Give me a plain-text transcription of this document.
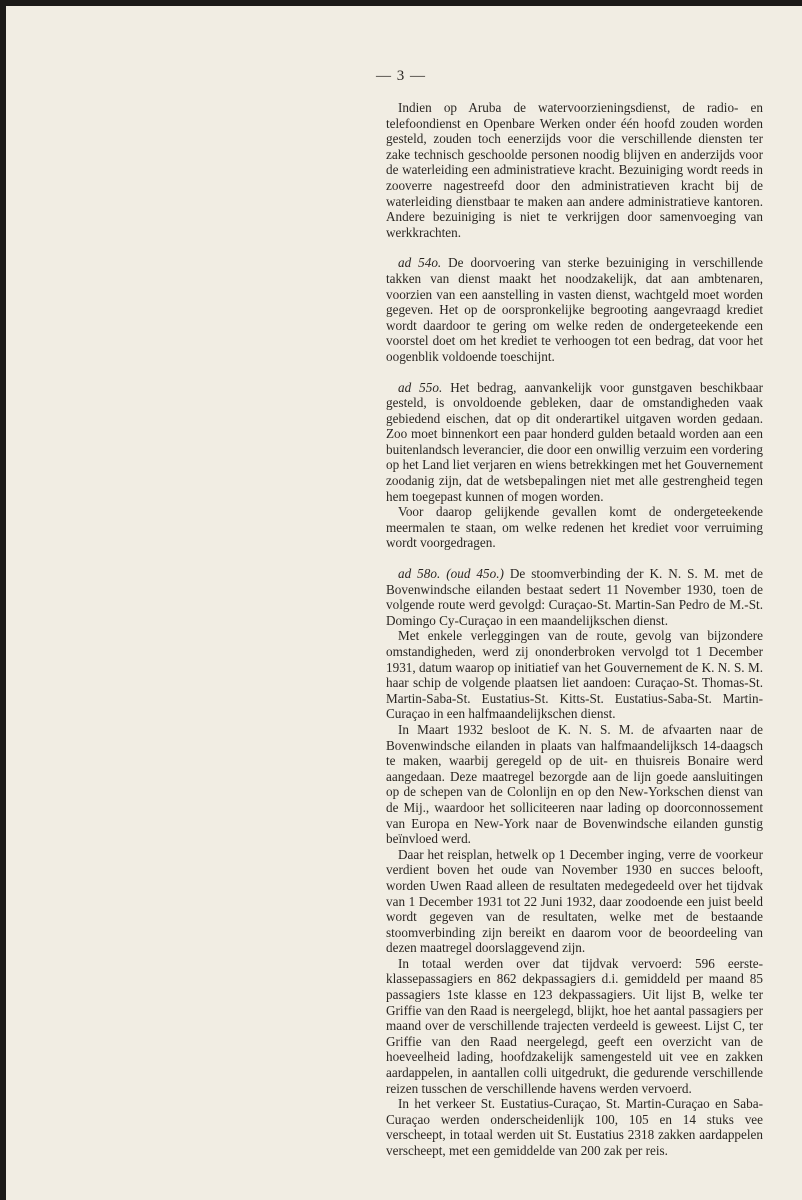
— 3 —

Indien op Aruba de watervoorzieningsdienst, de radio- en telefoondienst en Openbare Werken onder één hoofd zouden worden gesteld, zouden toch eenerzijds voor die verschillende diensten ter zake technisch geschoolde personen noodig blijven en anderzijds voor de waterleiding een administratieve kracht. Bezuiniging wordt reeds in zooverre nagestreefd door den administratieven kracht bij de waterleiding dienstbaar te maken aan andere administratieve kantoren. Andere bezuiniging is niet te verkrijgen door samenvoeging van werkkrachten.

ad 54o. De doorvoering van sterke bezuiniging in verschillende takken van dienst maakt het noodzakelijk, dat aan ambtenaren, voorzien van een aanstelling in vasten dienst, wachtgeld moet worden gegeven. Het op de oorspronkelijke begrooting aangevraagd krediet wordt daardoor te gering om welke reden de ondergeteekende een voorstel doet om het krediet te verhoogen tot een bedrag, dat voor het oogenblik voldoende toeschijnt.

ad 55o. Het bedrag, aanvankelijk voor gunstgaven beschikbaar gesteld, is onvoldoende gebleken, daar de omstandigheden vaak gebiedend eischen, dat op dit onderartikel uitgaven worden gedaan. Zoo moet binnenkort een paar honderd gulden betaald worden aan een buitenlandsch leverancier, die door een onwillig verzuim een vordering op het Land liet verjaren en wiens betrekkingen met het Gouvernement zoodanig zijn, dat de wetsbepalingen niet met alle gestrengheid tegen hem toegepast kunnen of mogen worden.

Voor daarop gelijkende gevallen komt de ondergeteekende meermalen te staan, om welke redenen het krediet voor verruiming wordt voorgedragen.

ad 58o. (oud 45o.) De stoomverbinding der K. N. S. M. met de Bovenwindsche eilanden bestaat sedert 11 November 1930, toen de volgende route werd gevolgd: Curaçao-St. Martin-San Pedro de M.-St. Domingo Cy-Curaçao in een maandelijkschen dienst.

Met enkele verleggingen van de route, gevolg van bijzondere omstandigheden, werd zij ononderbroken vervolgd tot 1 December 1931, datum waarop op initiatief van het Gouvernement de K. N. S. M. haar schip de volgende plaatsen liet aandoen: Curaçao-St. Thomas-St. Martin-Saba-St. Eustatius-St. Kitts-St. Eustatius-Saba-St. Martin-Curaçao in een halfmaandelijkschen dienst.

In Maart 1932 besloot de K. N. S. M. de afvaarten naar de Bovenwindsche eilanden in plaats van halfmaandelijksch 14-daagsch te maken, waarbij geregeld op de uit- en thuisreis Bonaire werd aangedaan. Deze maatregel bezorgde aan de lijn goede aansluitingen op de schepen van de Colonlijn en op den New-Yorkschen dienst van de Mij., waardoor het solliciteeren naar lading op doorconnossement van Europa en New-York naar de Bovenwindsche eilanden gunstig beïnvloed werd.

Daar het reisplan, hetwelk op 1 December inging, verre de voorkeur verdient boven het oude van November 1930 en succes belooft, worden Uwen Raad alleen de resultaten medegedeeld over het tijdvak van 1 December 1931 tot 22 Juni 1932, daar zoodoende een juist beeld wordt gegeven van de resultaten, welke met de bestaande stoomverbinding zijn bereikt en daarom voor de beoordeeling van dezen maatregel doorslaggevend zijn.

In totaal werden over dat tijdvak vervoerd: 596 eerste-klassepassagiers en 862 dekpassagiers d.i. gemiddeld per maand 85 passagiers 1ste klasse en 123 dekpassagiers. Uit lijst B, welke ter Griffie van den Raad is neergelegd, blijkt, hoe het aantal passagiers per maand over de verschillende trajecten verdeeld is geweest. Lijst C, ter Griffie van den Raad neergelegd, geeft een overzicht van de hoeveelheid lading, hoofdzakelijk samengesteld uit vee en zakken aardappelen, in aantallen colli uitgedrukt, die gedurende verschillende reizen tusschen de verschillende havens werden vervoerd.

In het verkeer St. Eustatius-Curaçao, St. Martin-Curaçao en Saba-Curaçao werden onderscheidenlijk 100, 105 en 14 stuks vee verscheept, in totaal werden uit St. Eustatius 2318 zakken aardappelen verscheept, met een gemiddelde van 200 zak per reis.
